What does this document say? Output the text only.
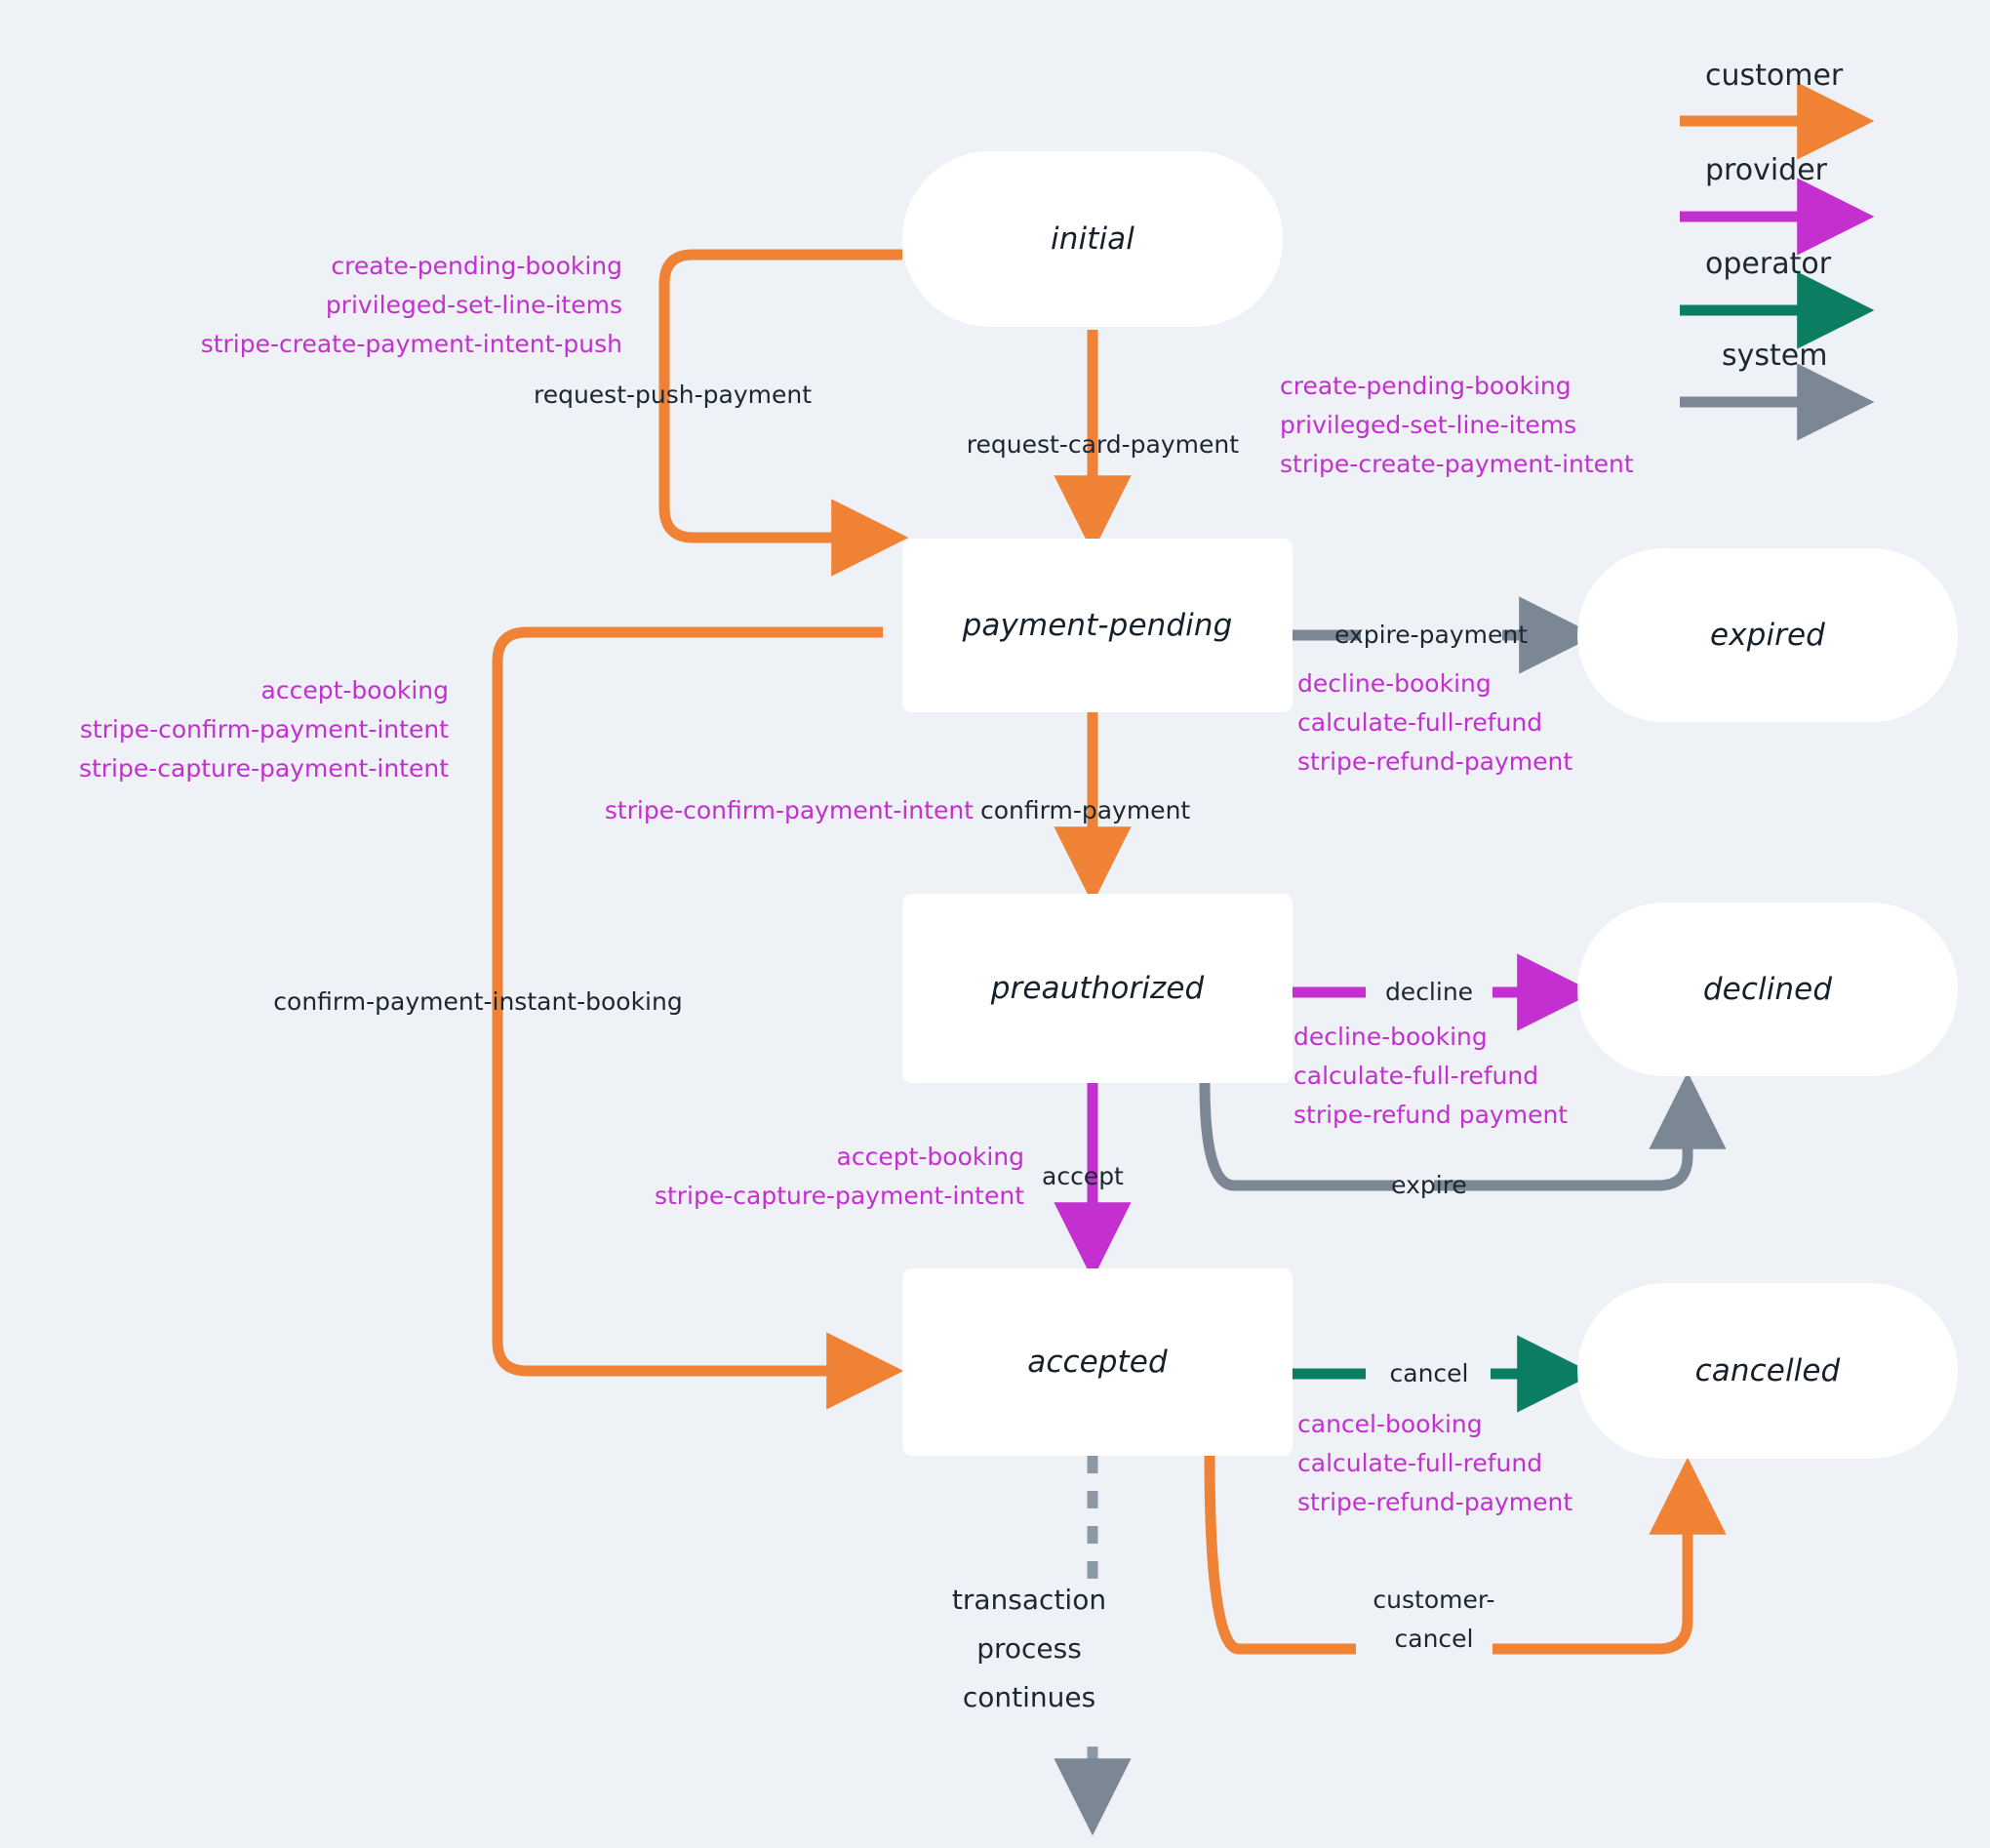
initial
payment-pending	expired
preauthorized	declined
accepted	cancelled
customer
provider
operator
system
create-pending-booking
privileged-set-line-items
stripe-create-payment-intent-push
request-push-payment
request-card-payment
create-pending-booking
privileged-set-line-items
stripe-create-payment-intent
expire-payment
decline-booking
calculate-full-refund
stripe-refund-payment
accept-booking
stripe-confirm-payment-intent
stripe-capture-payment-intent
confirm-payment-instant-booking
stripe-confirm-payment-intent confirm-payment
decline
decline-booking
calculate-full-refund
stripe-refund payment
expire
accept-booking
stripe-capture-payment-intent
accept
cancel
cancel-booking
calculate-full-refund
stripe-refund-payment
customer-
cancel
transaction
process
continues
